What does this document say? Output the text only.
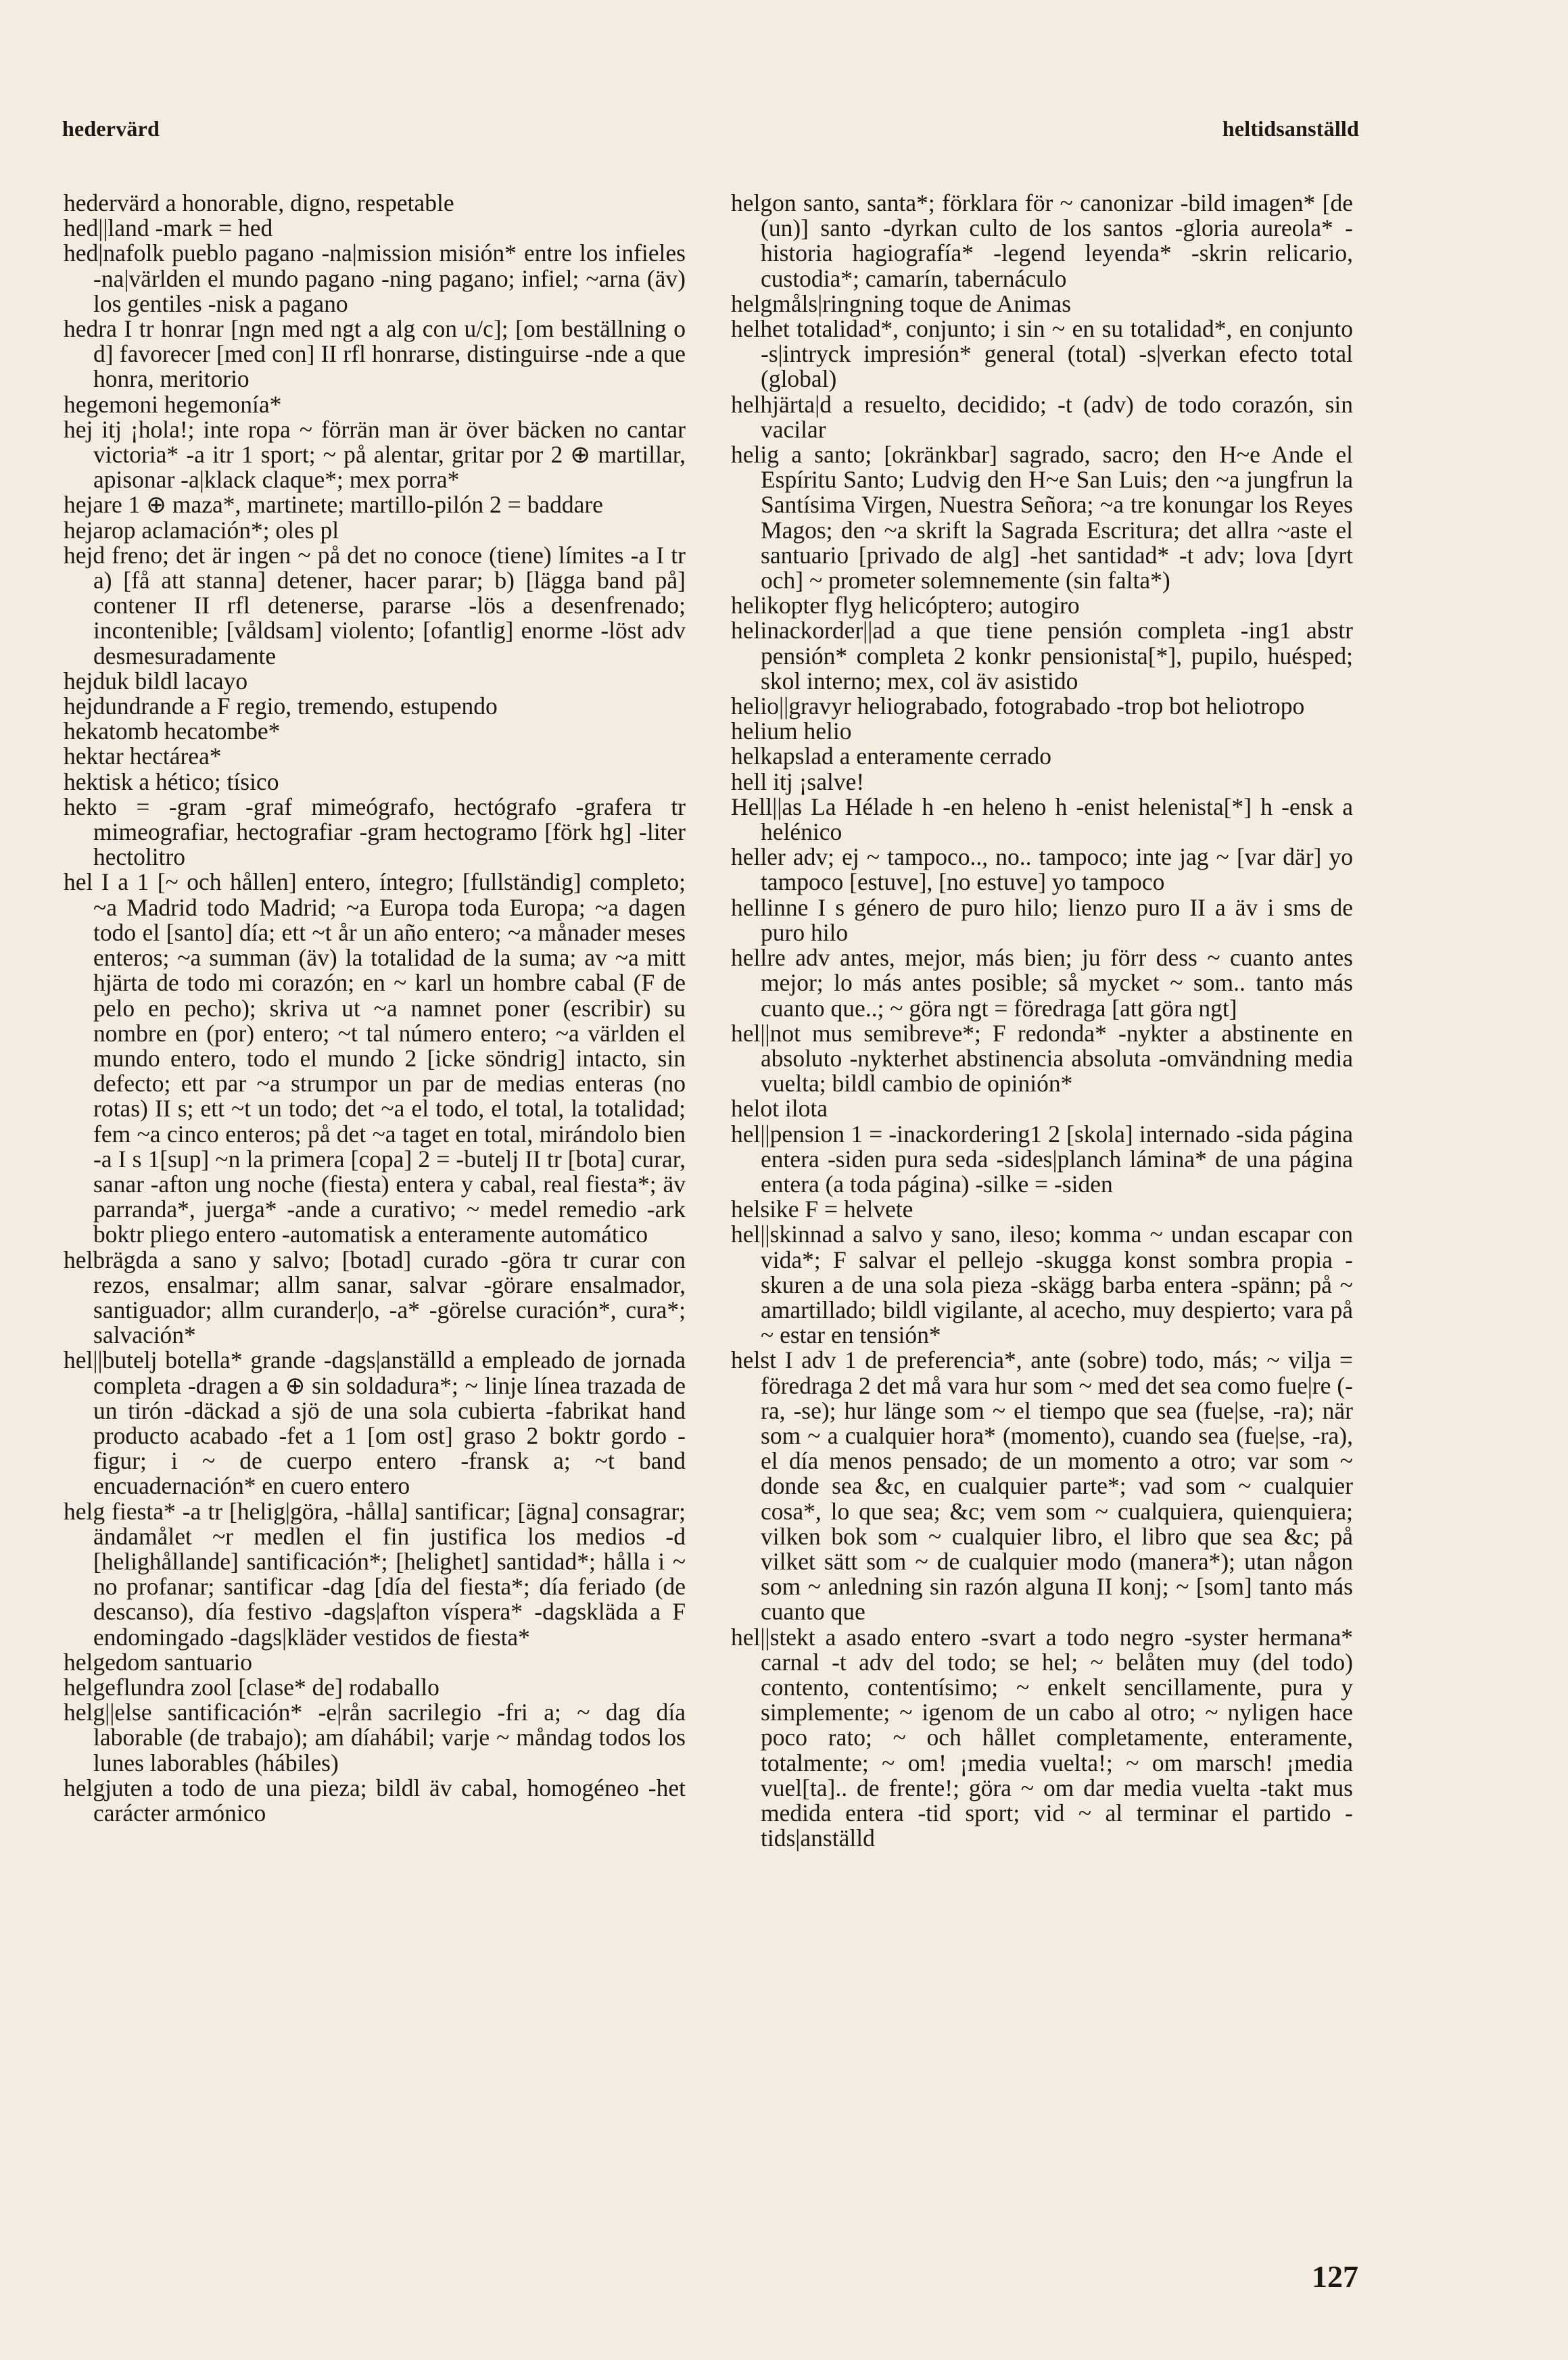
hedervärd	heltidsanställd

hedervärd a honorable, digno, respetable

hed||land -mark = hed

hed|nafolk pueblo pagano -na|mission misión* entre los infieles -na|världen el mundo pagano -ning pagano; infiel; ~arna (äv) los gentiles -nisk a pagano

hedra I tr honrar [ngn med ngt a alg con u/c]; [om beställning o d] favorecer [med con] II rfl honrarse, distinguirse -nde a que honra, meritorio

hegemoni hegemonía*

hej itj ¡hola!; inte ropa ~ förrän man är över bäcken no cantar victoria* -a itr 1 sport; ~ på alentar, gritar por 2 ⊕ martillar, apisonar -a|klack claque*; mex porra*

hejare 1 ⊕ maza*, martinete; martillo-pilón 2 = baddare

hejarop aclamación*; oles pl

hejd freno; det är ingen ~ på det no conoce (tiene) límites -a I tr a) [få att stanna] detener, hacer parar; b) [lägga band på] contener II rfl detenerse, pararse -lös a desenfrenado; incontenible; [våldsam] violento; [ofantlig] enorme -löst adv desmesuradamente

hejduk bildl lacayo

hejdundrande a F regio, tremendo, estupendo

hekatomb hecatombe*

hektar hectárea*

hektisk a hético; tísico

hekto = -gram -graf mimeógrafo, hectógrafo -grafera tr mimeografiar, hectografiar -gram hectogramo [förk hg] -liter hectolitro

hel I a 1 [~ och hållen] entero, íntegro; [fullständig] completo; ~a Madrid todo Madrid; ~a Europa toda Europa; ~a dagen todo el [santo] día; ett ~t år un año entero; ~a månader meses enteros; ~a summan (äv) la totalidad de la suma; av ~a mitt hjärta de todo mi corazón; en ~ karl un hombre cabal (F de pelo en pecho); skriva ut ~a namnet poner (escribir) su nombre en (por) entero; ~t tal número entero; ~a världen el mundo entero, todo el mundo 2 [icke söndrig] intacto, sin defecto; ett par ~a strumpor un par de medias enteras (no rotas) II s; ett ~t un todo; det ~a el todo, el total, la totalidad; fem ~a cinco enteros; på det ~a taget en total, mirándolo bien -a I s 1[sup] ~n la primera [copa] 2 = -butelj II tr [bota] curar, sanar -afton ung noche (fiesta) entera y cabal, real fiesta*; äv parranda*, juerga* -ande a curativo; ~ medel remedio -ark boktr pliego entero -automatisk a enteramente automático

helbrägda a sano y salvo; [botad] curado -göra tr curar con rezos, ensalmar; allm sanar, salvar -görare ensalmador, santiguador; allm curander|o, -a* -görelse curación*, cura*; salvación*

hel||butelj botella* grande -dags|anställd a empleado de jornada completa -dragen a ⊕ sin soldadura*; ~ linje línea trazada de un tirón -däckad a sjö de una sola cubierta -fabrikat hand producto acabado -fet a 1 [om ost] graso 2 boktr gordo -figur; i ~ de cuerpo entero -fransk a; ~t band encuadernación* en cuero entero

helg fiesta* -a tr [helig|göra, -hålla] santificar; [ägna] consagrar; ändamålet ~r medlen el fin justifica los medios -d [helighållande] santificación*; [helighet] santidad*; hålla i ~ no profanar; santificar -dag [día del fiesta*; día feriado (de descanso), día festivo -dags|afton víspera* -dagskläda a F endomingado -dags|kläder vestidos de fiesta*

helgedom santuario

helgeflundra zool [clase* de] rodaballo

helg||else santificación* -e|rån sacrilegio -fri a; ~ dag día laborable (de trabajo); am díahábil; varje ~ måndag todos los lunes laborables (hábiles)

helgjuten a todo de una pieza; bildl äv cabal, homogéneo -het carácter armónico

helgon santo, santa*; förklara för ~ canonizar -bild imagen* [de (un)] santo -dyrkan culto de los santos -gloria aureola* -historia hagiografía* -legend leyenda* -skrin relicario, custodia*; camarín, tabernáculo

helgmåls|ringning toque de Animas

helhet totalidad*, conjunto; i sin ~ en su totalidad*, en conjunto -s|intryck impresión* general (total) -s|verkan efecto total (global)

helhjärta|d a resuelto, decidido; -t (adv) de todo corazón, sin vacilar

helig a santo; [okränkbar] sagrado, sacro; den H~e Ande el Espíritu Santo; Ludvig den H~e San Luis; den ~a jungfrun la Santísima Virgen, Nuestra Señora; ~a tre konungar los Reyes Magos; den ~a skrift la Sagrada Escritura; det allra ~aste el santuario [privado de alg] -het santidad* -t adv; lova [dyrt och] ~ prometer solemnemente (sin falta*)

helikopter flyg helicóptero; autogiro

helinackorder||ad a que tiene pensión completa -ing1 abstr pensión* completa 2 konkr pensionista[*], pupilo, huésped; skol interno; mex, col äv asistido

helio||gravyr heliograbado, fotograbado -trop bot heliotropo

helium helio

helkapslad a enteramente cerrado

hell itj ¡salve!

Hell||as La Hélade h -en heleno h -enist helenista[*] h -ensk a helénico

heller adv; ej ~ tampoco.., no.. tampoco; inte jag ~ [var där] yo tampoco [estuve], [no estuve] yo tampoco

hellinne I s género de puro hilo; lienzo puro II a äv i sms de puro hilo

hellre adv antes, mejor, más bien; ju förr dess ~ cuanto antes mejor; lo más antes posible; så mycket ~ som.. tanto más cuanto que..; ~ göra ngt = föredraga [att göra ngt]

hel||not mus semibreve*; F redonda* -nykter a abstinente en absoluto -nykterhet abstinencia absoluta -omvändning media vuelta; bildl cambio de opinión*

helot ilota

hel||pension 1 = -inackordering1 2 [skola] internado -sida página entera -siden pura seda -sides|planch lámina* de una página entera (a toda página) -silke = -siden

helsike F = helvete

hel||skinnad a salvo y sano, ileso; komma ~ undan escapar con vida*; F salvar el pellejo -skugga konst sombra propia -skuren a de una sola pieza -skägg barba entera -spänn; på ~ amartillado; bildl vigilante, al acecho, muy despierto; vara på ~ estar en tensión*

helst I adv 1 de preferencia*, ante (sobre) todo, más; ~ vilja = föredraga 2 det må vara hur som ~ med det sea como fue|re (-ra, -se); hur länge som ~ el tiempo que sea (fue|se, -ra); när som ~ a cualquier hora* (momento), cuando sea (fue|se, -ra), el día menos pensado; de un momento a otro; var som ~ donde sea &c, en cualquier parte*; vad som ~ cualquier cosa*, lo que sea; &c; vem som ~ cualquiera, quienquiera; vilken bok som ~ cualquier libro, el libro que sea &c; på vilket sätt som ~ de cualquier modo (manera*); utan någon som ~ anledning sin razón alguna II konj; ~ [som] tanto más cuanto que

hel||stekt a asado entero -svart a todo negro -syster hermana* carnal -t adv del todo; se hel; ~ belåten muy (del todo) contento, contentísimo; ~ enkelt sencillamente, pura y simplemente; ~ igenom de un cabo al otro; ~ nyligen hace poco rato; ~ och hållet completamente, enteramente, totalmente; ~ om! ¡media vuelta!; ~ om marsch! ¡media vuel[ta].. de frente!; göra ~ om dar media vuelta -takt mus medida entera -tid sport; vid ~ al terminar el partido -tids|anställd

127
